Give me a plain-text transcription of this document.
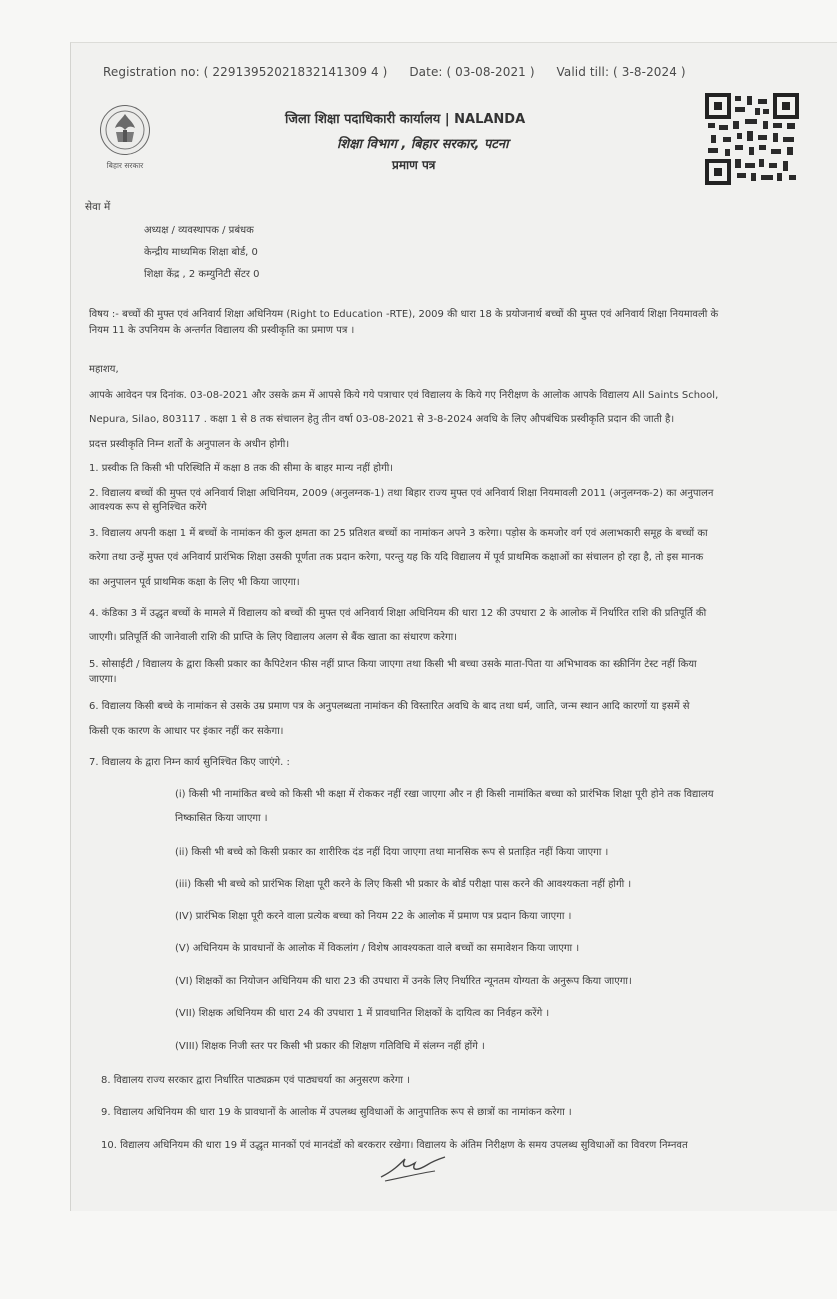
Registration no: ( 22913952021832141309 4 ) Date: ( 03-08-2021 ) Valid till: ( 3-8-2024 )
बिहार सरकार
जिला शिक्षा पदाधिकारी कार्यालय | NALANDA
शिक्षा विभाग , बिहार सरकार, पटना
प्रमाण पत्र
सेवा में
अध्यक्ष / व्यवस्थापक / प्रबंधक
केन्द्रीय माध्यमिक शिक्षा बोर्ड, 0
शिक्षा केंद्र , 2 कम्युनिटी सेंटर 0
विषय :- बच्चों की मुफ्त एवं अनिवार्य शिक्षा अधिनियम (Right to Education -RTE), 2009 की धारा 18 के प्रयोजनार्थ बच्चों की मुफ्त एवं अनिवार्य शिक्षा नियमावली के
नियम 11 के उपनियम के अन्तर्गत विद्यालय की प्रस्वीकृति का प्रमाण पत्र ।
महाशय,
आपके आवेदन पत्र दिनांक. 03-08-2021 और उसके क्रम में आपसे किये गये पत्राचार एवं विद्यालय के किये गए निरीक्षण के आलोक आपके विद्यालय All Saints School,
Nepura, Silao, 803117 . कक्षा 1 से 8 तक संचालन हेतु तीन वर्षा 03-08-2021 से 3-8-2024 अवधि के लिए औपबंधिक प्रस्वीकृति प्रदान की जाती है।
प्रदत्त प्रस्वीकृति निम्न शर्तों के अनुपालन के अधीन होगी।
1. प्रस्वीक ति किसी भी परिस्थिति में कक्षा 8 तक की सीमा के बाहर मान्य नहीं होगी।
2. विद्यालय बच्चों की मुफ्त एवं अनिवार्य शिक्षा अधिनियम, 2009 (अनुलग्नक-1) तथा बिहार राज्य मुफ्त एवं अनिवार्य शिक्षा नियमावली 2011 (अनुलग्नक-2) का अनुपालन
आवश्यक रूप से सुनिश्चित करेंगे
3. विद्यालय अपनी कक्षा 1 में बच्चों के नामांकन की कुल क्षमता का 25 प्रतिशत बच्चों का नामांकन अपने 3 करेगा। पड़ोस के कमजोर वर्ग एवं अलाभकारी समूह के बच्चों का
करेगा तथा उन्हें मुफ्त एवं अनिवार्य प्रारंभिक शिक्षा उसकी पूर्णता तक प्रदान करेगा, परन्तु यह कि यदि विद्यालय में पूर्व प्राथमिक कक्षाओं का संचालन हो रहा है, तो इस मानक
का अनुपालन पूर्व प्राथमिक कक्षा के लिए भी किया जाएगा।
4. कंडिका 3 में उद्धृत बच्चों के मामले में विद्यालय को बच्चों की मुफ्त एवं अनिवार्य शिक्षा अधिनियम की धारा 12 की उपधारा 2 के आलोक में निर्धारित राशि की प्रतिपूर्ति की
जाएगी। प्रतिपूर्ति की जानेवाली राशि की प्राप्ति के लिए विद्यालय अलग से बैंक खाता का संधारण करेगा।
5. सोसाईटी / विद्यालय के द्वारा किसी प्रकार का कैपिटेशन फीस नहीं प्राप्त किया जाएगा तथा किसी भी बच्चा उसके माता-पिता या अभिभावक का स्क्रीनिंग टेस्ट नहीं किया
जाएगा।
6. विद्यालय किसी बच्चे के नामांकन से उसके उम्र प्रमाण पत्र के अनुपलब्धता नामांकन की विस्तारित अवधि के बाद तथा धर्म, जाति, जन्म स्थान आदि कारणों या इसमें से
किसी एक कारण के आधार पर इंकार नहीं कर सकेगा।
7. विद्यालय के द्वारा निम्न कार्य सुनिश्चित किए जाएंगे. :
(i) किसी भी नामांकित बच्चे को किसी भी कक्षा में रोककर नहीं रखा जाएगा और न ही किसी नामांकित बच्चा को प्रारंभिक शिक्षा पूरी होने तक विद्यालय
निष्कासित किया जाएगा ।
(ii) किसी भी बच्चे को किसी प्रकार का शारीरिक दंड नहीं दिया जाएगा तथा मानसिक रूप से प्रताड़ित नहीं किया जाएगा ।
(iii) किसी भी बच्चे को प्रारंभिक शिक्षा पूरी करने के लिए किसी भी प्रकार के बोर्ड परीक्षा पास करने की आवश्यकता नहीं होगी ।
(IV) प्रारंभिक शिक्षा पूरी करने वाला प्रत्येक बच्चा को नियम 22 के आलोक में प्रमाण पत्र प्रदान किया जाएगा ।
(V) अधिनियम के प्रावधानों के आलोक में विकलांग / विशेष आवश्यकता वाले बच्चों का समावेशन किया जाएगा ।
(VI) शिक्षकों का नियोजन अधिनियम की धारा 23 की उपधारा में उनके लिए निर्धारित न्यूनतम योग्यता के अनुरूप किया जाएगा।
(VII) शिक्षक अधिनियम की धारा 24 की उपधारा 1 में प्रावधानित शिक्षकों के दायित्व का निर्वहन करेंगे ।
(VIII) शिक्षक निजी स्तर पर किसी भी प्रकार की शिक्षण गतिविधि में संलग्न नहीं होंगे ।
8. विद्यालय राज्य सरकार द्वारा निर्धारित पाठ्यक्रम एवं पाठ्यचर्या का अनुसरण करेगा ।
9. विद्यालय अधिनियम की धारा 19 के प्रावधानों के आलोक में उपलब्ध सुविधाओं के आनुपातिक रूप से छात्रों का नामांकन करेगा ।
10. विद्यालय अधिनियम की धारा 19 में उद्धृत मानकों एवं मानदंडों को बरकरार रखेगा। विद्यालय के अंतिम निरीक्षण के समय उपलब्ध सुविधाओं का विवरण निम्नवत
